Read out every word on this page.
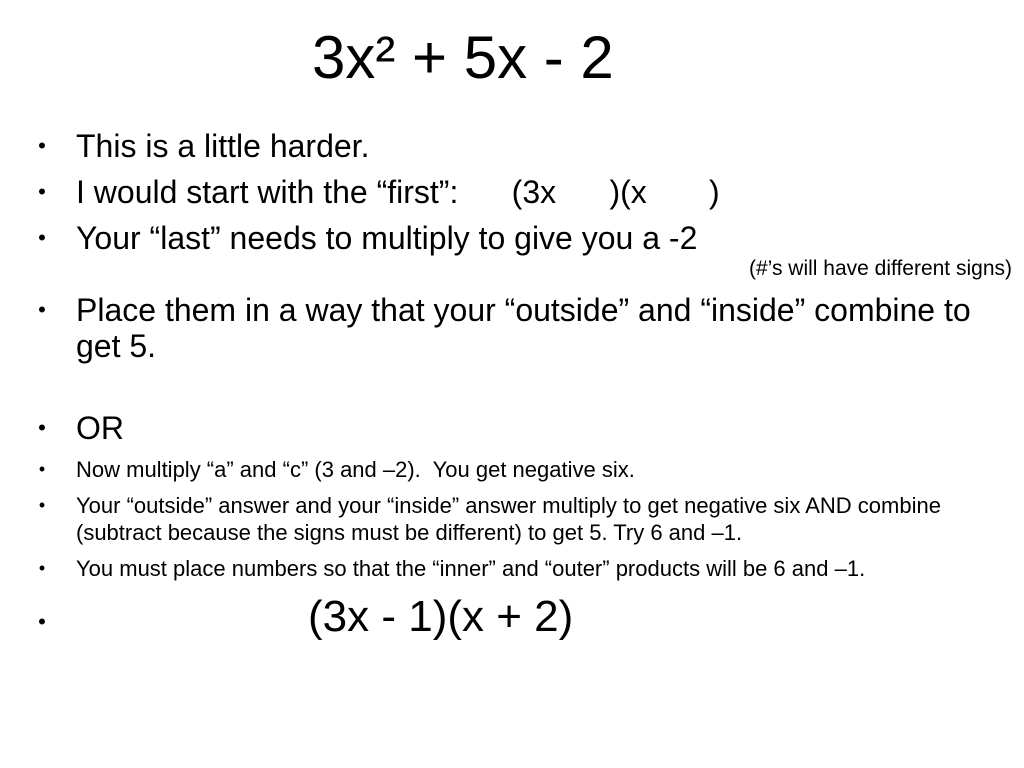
3x² + 5x - 2
• This is a little harder.
• I would start with the “first”:      (3x      )(x       )
• Your “last” needs to multiply to give you a -2
(#’s will have different signs)
• Place them in a way that your “outside” and “inside” combine to get 5.
• OR
•	Now multiply “a” and “c” (3 and –2).  You get negative six.
•	Your “outside” answer and your “inside” answer multiply to get negative six AND combine (subtract because the signs must be different) to get 5. Try 6 and –1.
•	You must place numbers so that the “inner” and “outer” products will be 6 and –1.
•	(3x - 1)(x + 2)
